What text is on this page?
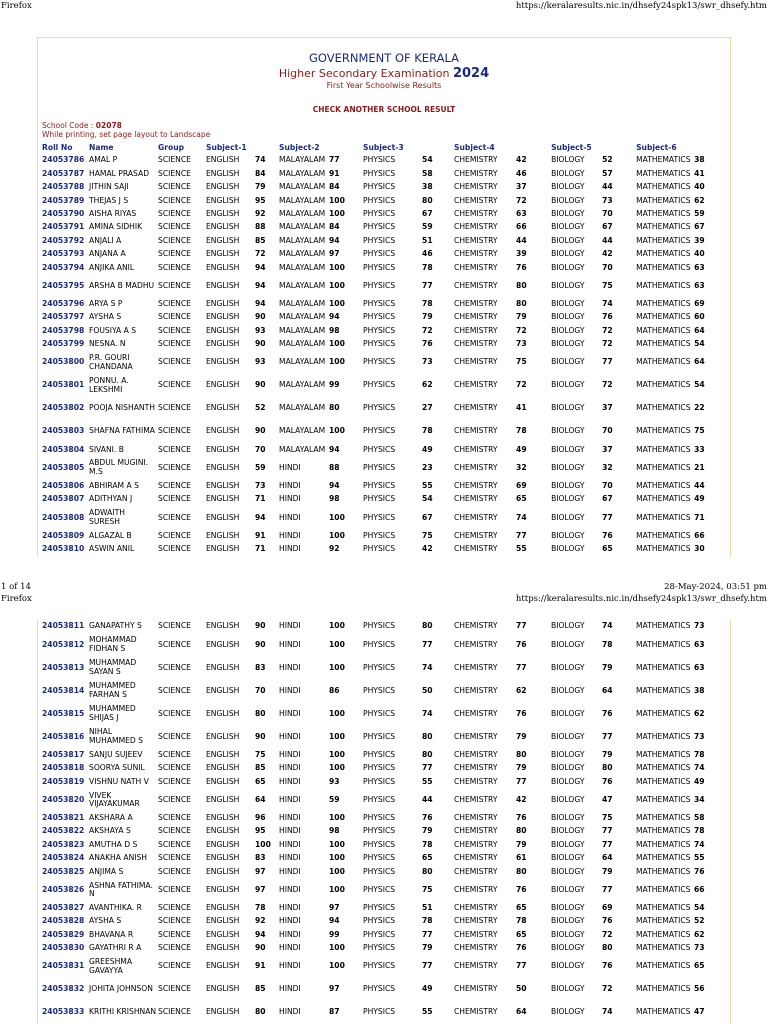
Firefox	https://keralaresults.nic.in/dhsefy24spk13/swr_dhsefy.htm
GOVERNMENT OF KERALA
Higher Secondary Examination 2024
First Year Schoolwise Results
CHECK ANOTHER SCHOOL RESULT
School Code : 02078
While printing, set page layout to Landscape
Roll No	Name	Group	Subject-1		Subject-2		Subject-3		Subject-4		Subject-5		Subject-6	
24053786	AMAL P	SCIENCE	ENGLISH	74	MALAYALAM	77	PHYSICS	54	CHEMISTRY	42	BIOLOGY	52	MATHEMATICS	38
24053787	HAMAL PRASAD	SCIENCE	ENGLISH	84	MALAYALAM	91	PHYSICS	58	CHEMISTRY	46	BIOLOGY	57	MATHEMATICS	41
24053788	JITHIN SAJI	SCIENCE	ENGLISH	79	MALAYALAM	84	PHYSICS	38	CHEMISTRY	37	BIOLOGY	44	MATHEMATICS	40
24053789	THEJAS J S	SCIENCE	ENGLISH	95	MALAYALAM	100	PHYSICS	80	CHEMISTRY	72	BIOLOGY	73	MATHEMATICS	62
24053790	AISHA RIYAS	SCIENCE	ENGLISH	92	MALAYALAM	100	PHYSICS	67	CHEMISTRY	63	BIOLOGY	70	MATHEMATICS	59
24053791	AMINA SIDHIK	SCIENCE	ENGLISH	88	MALAYALAM	84	PHYSICS	59	CHEMISTRY	66	BIOLOGY	67	MATHEMATICS	67
24053792	ANJALI A	SCIENCE	ENGLISH	85	MALAYALAM	94	PHYSICS	51	CHEMISTRY	44	BIOLOGY	44	MATHEMATICS	39
24053793	ANJANA A	SCIENCE	ENGLISH	72	MALAYALAM	97	PHYSICS	46	CHEMISTRY	39	BIOLOGY	42	MATHEMATICS	40
24053794	ANJIKA ANIL	SCIENCE	ENGLISH	94	MALAYALAM	100	PHYSICS	78	CHEMISTRY	76	BIOLOGY	70	MATHEMATICS	63
24053795	ARSHA B MADHU	SCIENCE	ENGLISH	94	MALAYALAM	100	PHYSICS	77	CHEMISTRY	80	BIOLOGY	75	MATHEMATICS	63
24053796	ARYA S P	SCIENCE	ENGLISH	94	MALAYALAM	100	PHYSICS	78	CHEMISTRY	80	BIOLOGY	74	MATHEMATICS	69
24053797	AYSHA S	SCIENCE	ENGLISH	90	MALAYALAM	94	PHYSICS	79	CHEMISTRY	79	BIOLOGY	76	MATHEMATICS	60
24053798	FOUSIYA A S	SCIENCE	ENGLISH	93	MALAYALAM	98	PHYSICS	72	CHEMISTRY	72	BIOLOGY	72	MATHEMATICS	64
24053799	NESNA. N	SCIENCE	ENGLISH	90	MALAYALAM	100	PHYSICS	76	CHEMISTRY	73	BIOLOGY	72	MATHEMATICS	54
24053800	P.R. GOURI CHANDANA	SCIENCE	ENGLISH	93	MALAYALAM	100	PHYSICS	73	CHEMISTRY	75	BIOLOGY	77	MATHEMATICS	64
24053801	PONNU. A. LEKSHMI	SCIENCE	ENGLISH	90	MALAYALAM	99	PHYSICS	62	CHEMISTRY	72	BIOLOGY	72	MATHEMATICS	54
24053802	POOJA NISHANTH	SCIENCE	ENGLISH	52	MALAYALAM	80	PHYSICS	27	CHEMISTRY	41	BIOLOGY	37	MATHEMATICS	22
24053803	SHAFNA FATHIMA	SCIENCE	ENGLISH	90	MALAYALAM	100	PHYSICS	78	CHEMISTRY	78	BIOLOGY	70	MATHEMATICS	75
24053804	SIVANI. B	SCIENCE	ENGLISH	70	MALAYALAM	94	PHYSICS	49	CHEMISTRY	49	BIOLOGY	37	MATHEMATICS	33
24053805	ABDUL MUGINI. M.S	SCIENCE	ENGLISH	59	HINDI	88	PHYSICS	23	CHEMISTRY	32	BIOLOGY	32	MATHEMATICS	21
24053806	ABHIRAM A S	SCIENCE	ENGLISH	73	HINDI	94	PHYSICS	55	CHEMISTRY	69	BIOLOGY	70	MATHEMATICS	44
24053807	ADITHYAN J	SCIENCE	ENGLISH	71	HINDI	98	PHYSICS	54	CHEMISTRY	65	BIOLOGY	67	MATHEMATICS	49
24053808	ADWAITH SURESH	SCIENCE	ENGLISH	94	HINDI	100	PHYSICS	67	CHEMISTRY	74	BIOLOGY	77	MATHEMATICS	71
24053809	ALGAZAL B	SCIENCE	ENGLISH	91	HINDI	100	PHYSICS	75	CHEMISTRY	77	BIOLOGY	76	MATHEMATICS	66
24053810	ASWIN ANIL	SCIENCE	ENGLISH	71	HINDI	92	PHYSICS	42	CHEMISTRY	55	BIOLOGY	65	MATHEMATICS	30
1 of 14	28-May-2024, 03:51 pm
Firefox	https://keralaresults.nic.in/dhsefy24spk13/swr_dhsefy.htm
24053811	GANAPATHY S	SCIENCE	ENGLISH	90	HINDI	100	PHYSICS	80	CHEMISTRY	77	BIOLOGY	74	MATHEMATICS	73
24053812	MOHAMMAD FIDHAN S	SCIENCE	ENGLISH	90	HINDI	100	PHYSICS	77	CHEMISTRY	76	BIOLOGY	78	MATHEMATICS	63
24053813	MUHAMMAD SAYAN S	SCIENCE	ENGLISH	83	HINDI	100	PHYSICS	74	CHEMISTRY	77	BIOLOGY	79	MATHEMATICS	63
24053814	MUHAMMED FARHAN S	SCIENCE	ENGLISH	70	HINDI	86	PHYSICS	50	CHEMISTRY	62	BIOLOGY	64	MATHEMATICS	38
24053815	MUHAMMED SHIJAS J	SCIENCE	ENGLISH	80	HINDI	100	PHYSICS	74	CHEMISTRY	76	BIOLOGY	76	MATHEMATICS	62
24053816	NIHAL MUHAMMED S	SCIENCE	ENGLISH	90	HINDI	100	PHYSICS	80	CHEMISTRY	79	BIOLOGY	77	MATHEMATICS	73
24053817	SANJU SUJEEV	SCIENCE	ENGLISH	75	HINDI	100	PHYSICS	80	CHEMISTRY	80	BIOLOGY	79	MATHEMATICS	78
24053818	SOORYA SUNIL	SCIENCE	ENGLISH	85	HINDI	100	PHYSICS	77	CHEMISTRY	79	BIOLOGY	80	MATHEMATICS	74
24053819	VISHNU NATH V	SCIENCE	ENGLISH	65	HINDI	93	PHYSICS	55	CHEMISTRY	77	BIOLOGY	76	MATHEMATICS	49
24053820	VIVEK VIJAYAKUMAR	SCIENCE	ENGLISH	64	HINDI	59	PHYSICS	44	CHEMISTRY	42	BIOLOGY	47	MATHEMATICS	34
24053821	AKSHARA A	SCIENCE	ENGLISH	96	HINDI	100	PHYSICS	76	CHEMISTRY	76	BIOLOGY	75	MATHEMATICS	58
24053822	AKSHAYA S	SCIENCE	ENGLISH	95	HINDI	98	PHYSICS	79	CHEMISTRY	80	BIOLOGY	77	MATHEMATICS	78
24053823	AMUTHA D S	SCIENCE	ENGLISH	100	HINDI	100	PHYSICS	78	CHEMISTRY	79	BIOLOGY	77	MATHEMATICS	74
24053824	ANAKHA ANISH	SCIENCE	ENGLISH	83	HINDI	100	PHYSICS	65	CHEMISTRY	61	BIOLOGY	64	MATHEMATICS	55
24053825	ANJIMA S	SCIENCE	ENGLISH	97	HINDI	100	PHYSICS	80	CHEMISTRY	80	BIOLOGY	79	MATHEMATICS	76
24053826	ASHNA FATHIMA. N	SCIENCE	ENGLISH	97	HINDI	100	PHYSICS	75	CHEMISTRY	76	BIOLOGY	77	MATHEMATICS	66
24053827	AVANTHIKA. R	SCIENCE	ENGLISH	78	HINDI	97	PHYSICS	51	CHEMISTRY	65	BIOLOGY	69	MATHEMATICS	54
24053828	AYSHA S	SCIENCE	ENGLISH	92	HINDI	94	PHYSICS	78	CHEMISTRY	78	BIOLOGY	76	MATHEMATICS	52
24053829	BHAVANA R	SCIENCE	ENGLISH	94	HINDI	99	PHYSICS	77	CHEMISTRY	65	BIOLOGY	72	MATHEMATICS	62
24053830	GAYATHRI R A	SCIENCE	ENGLISH	90	HINDI	100	PHYSICS	79	CHEMISTRY	76	BIOLOGY	80	MATHEMATICS	73
24053831	GREESHMA GAVAYYA	SCIENCE	ENGLISH	91	HINDI	100	PHYSICS	77	CHEMISTRY	77	BIOLOGY	76	MATHEMATICS	65
24053832	JOHITA JOHNSON	SCIENCE	ENGLISH	85	HINDI	97	PHYSICS	49	CHEMISTRY	50	BIOLOGY	72	MATHEMATICS	56
24053833	KRITHI KRISHNAN	SCIENCE	ENGLISH	80	HINDI	87	PHYSICS	55	CHEMISTRY	64	BIOLOGY	74	MATHEMATICS	47
